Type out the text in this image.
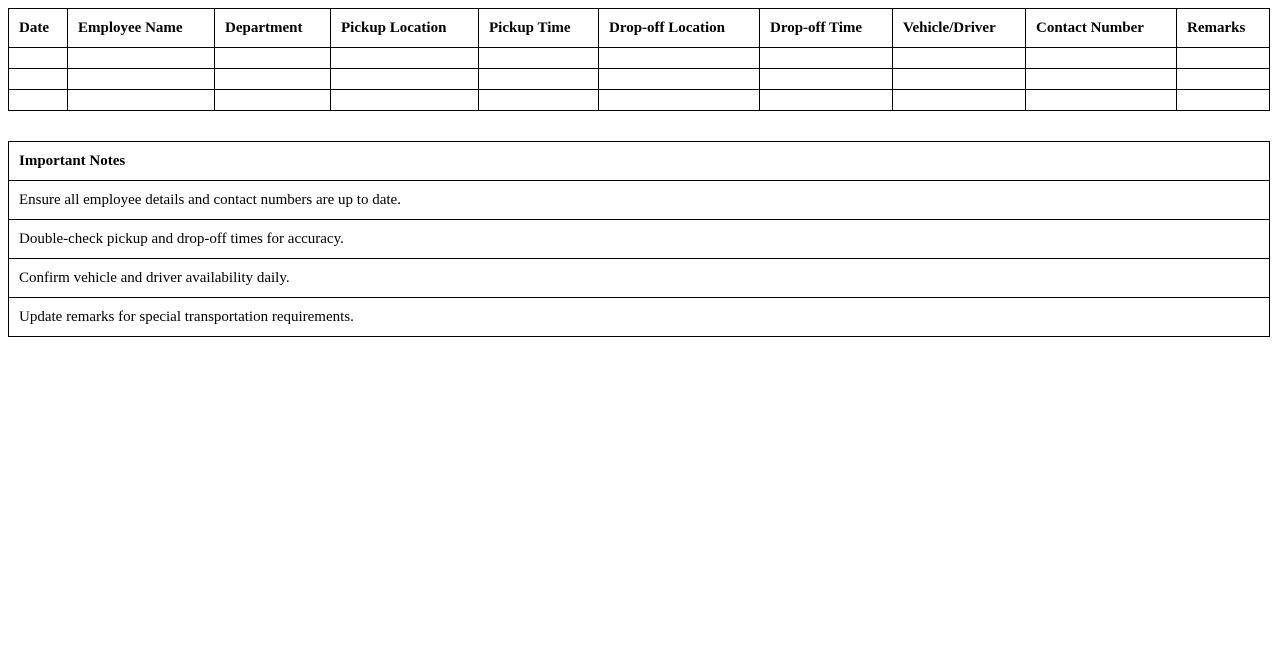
Date	Employee Name	Department	Pickup Location	Pickup Time	Drop-off Location	Drop-off Time	Vehicle/Driver	Contact Number	Remarks

Important Notes
Ensure all employee details and contact numbers are up to date.
Double-check pickup and drop-off times for accuracy.
Confirm vehicle and driver availability daily.
Update remarks for special transportation requirements.
